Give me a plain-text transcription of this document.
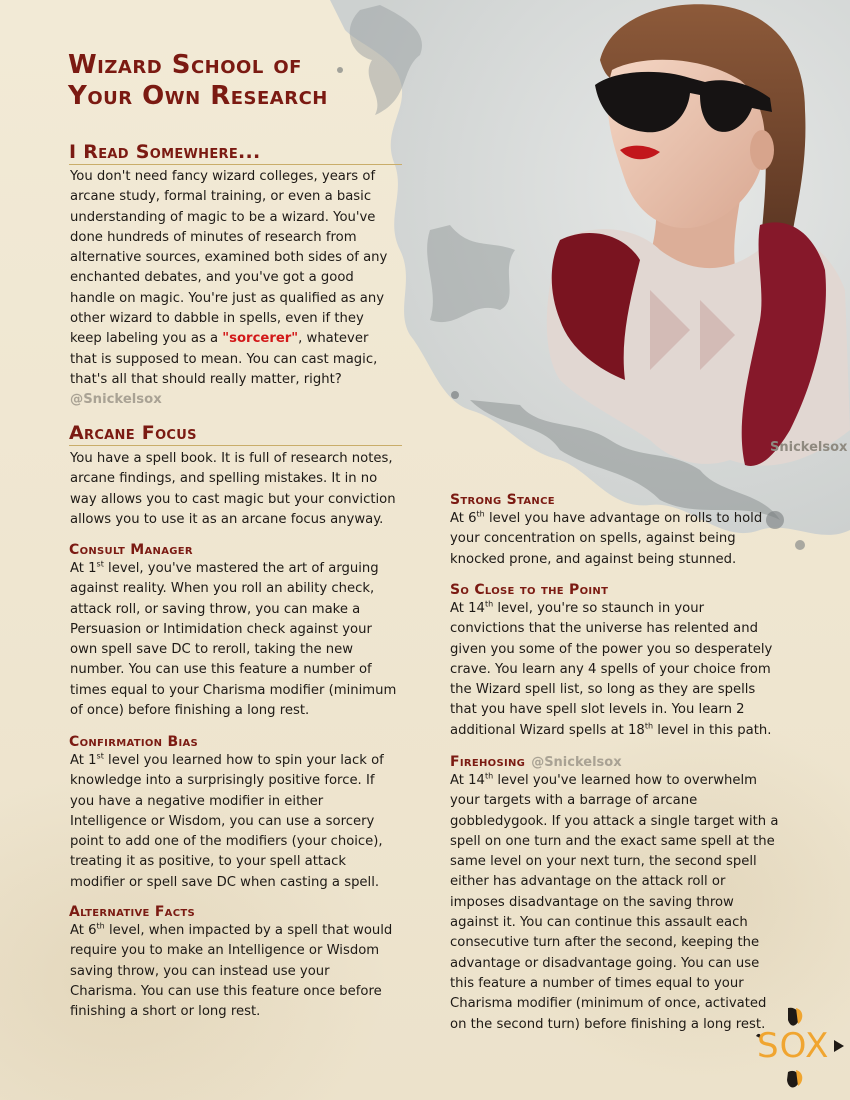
Snickelsox

Wizard School of
Your Own Research
I Read Somewhere...

You don't need fancy wizard colleges, years of arcane study, formal training, or even a basic understanding of magic to be a wizard. You've done hundreds of minutes of research from alternative sources, examined both sides of any enchanted debates, and you've got a good handle on magic. You're just as qualified as any other wizard to dabble in spells, even if they keep labeling you as a "sorcerer", whatever that is supposed to mean. You can cast magic, that's all that should really matter, right? @Snickelsox

Arcane Focus

You have a spell book. It is full of research notes, arcane findings, and spelling mistakes. It in no way allows you to cast magic but your conviction allows you to use it as an arcane focus anyway.

Consult Manager

At 1st level, you've mastered the art of arguing against reality. When you roll an ability check, attack roll, or saving throw, you can make a Persuasion or Intimidation check against your own spell save DC to reroll, taking the new number. You can use this feature a number of times equal to your Charisma modifier (minimum of once) before finishing a long rest.

Confirmation Bias

At 1st level you learned how to spin your lack of knowledge into a surprisingly positive force. If you have a negative modifier in either Intelligence or Wisdom, you can use a sorcery point to add one of the modifiers (your choice), treating it as positive, to your spell attack modifier or spell save DC when casting a spell.

Alternative Facts

At 6th level, when impacted by a spell that would require you to make an Intelligence or Wisdom saving throw, you can instead use your Charisma. You can use this feature once before finishing a short or long rest.

Strong Stance

At 6th level you have advantage on rolls to hold your concentration on spells, against being knocked prone, and against being stunned.

So Close to the Point

At 14th level, you're so staunch in your convictions that the universe has relented and given you some of the power you so desperately crave. You learn any 4 spells of your choice from the Wizard spell list, so long as they are spells that you have spell slot levels in. You learn 2 additional Wizard spells at 18th level in this path.

Firehosing @Snickelsox

At 14th level you've learned how to overwhelm your targets with a barrage of arcane gobbledygook. If you attack a single target with a spell on one turn and the exact same spell at the same level on your next turn, the second spell either has advantage on the attack roll or imposes disadvantage on the saving throw against it. You can continue this assault each consecutive turn after the second, keeping the advantage or disadvantage going. You can use this feature a number of times equal to your Charisma modifier (minimum of once, activated on the second turn) before finishing a long rest.

SOX
